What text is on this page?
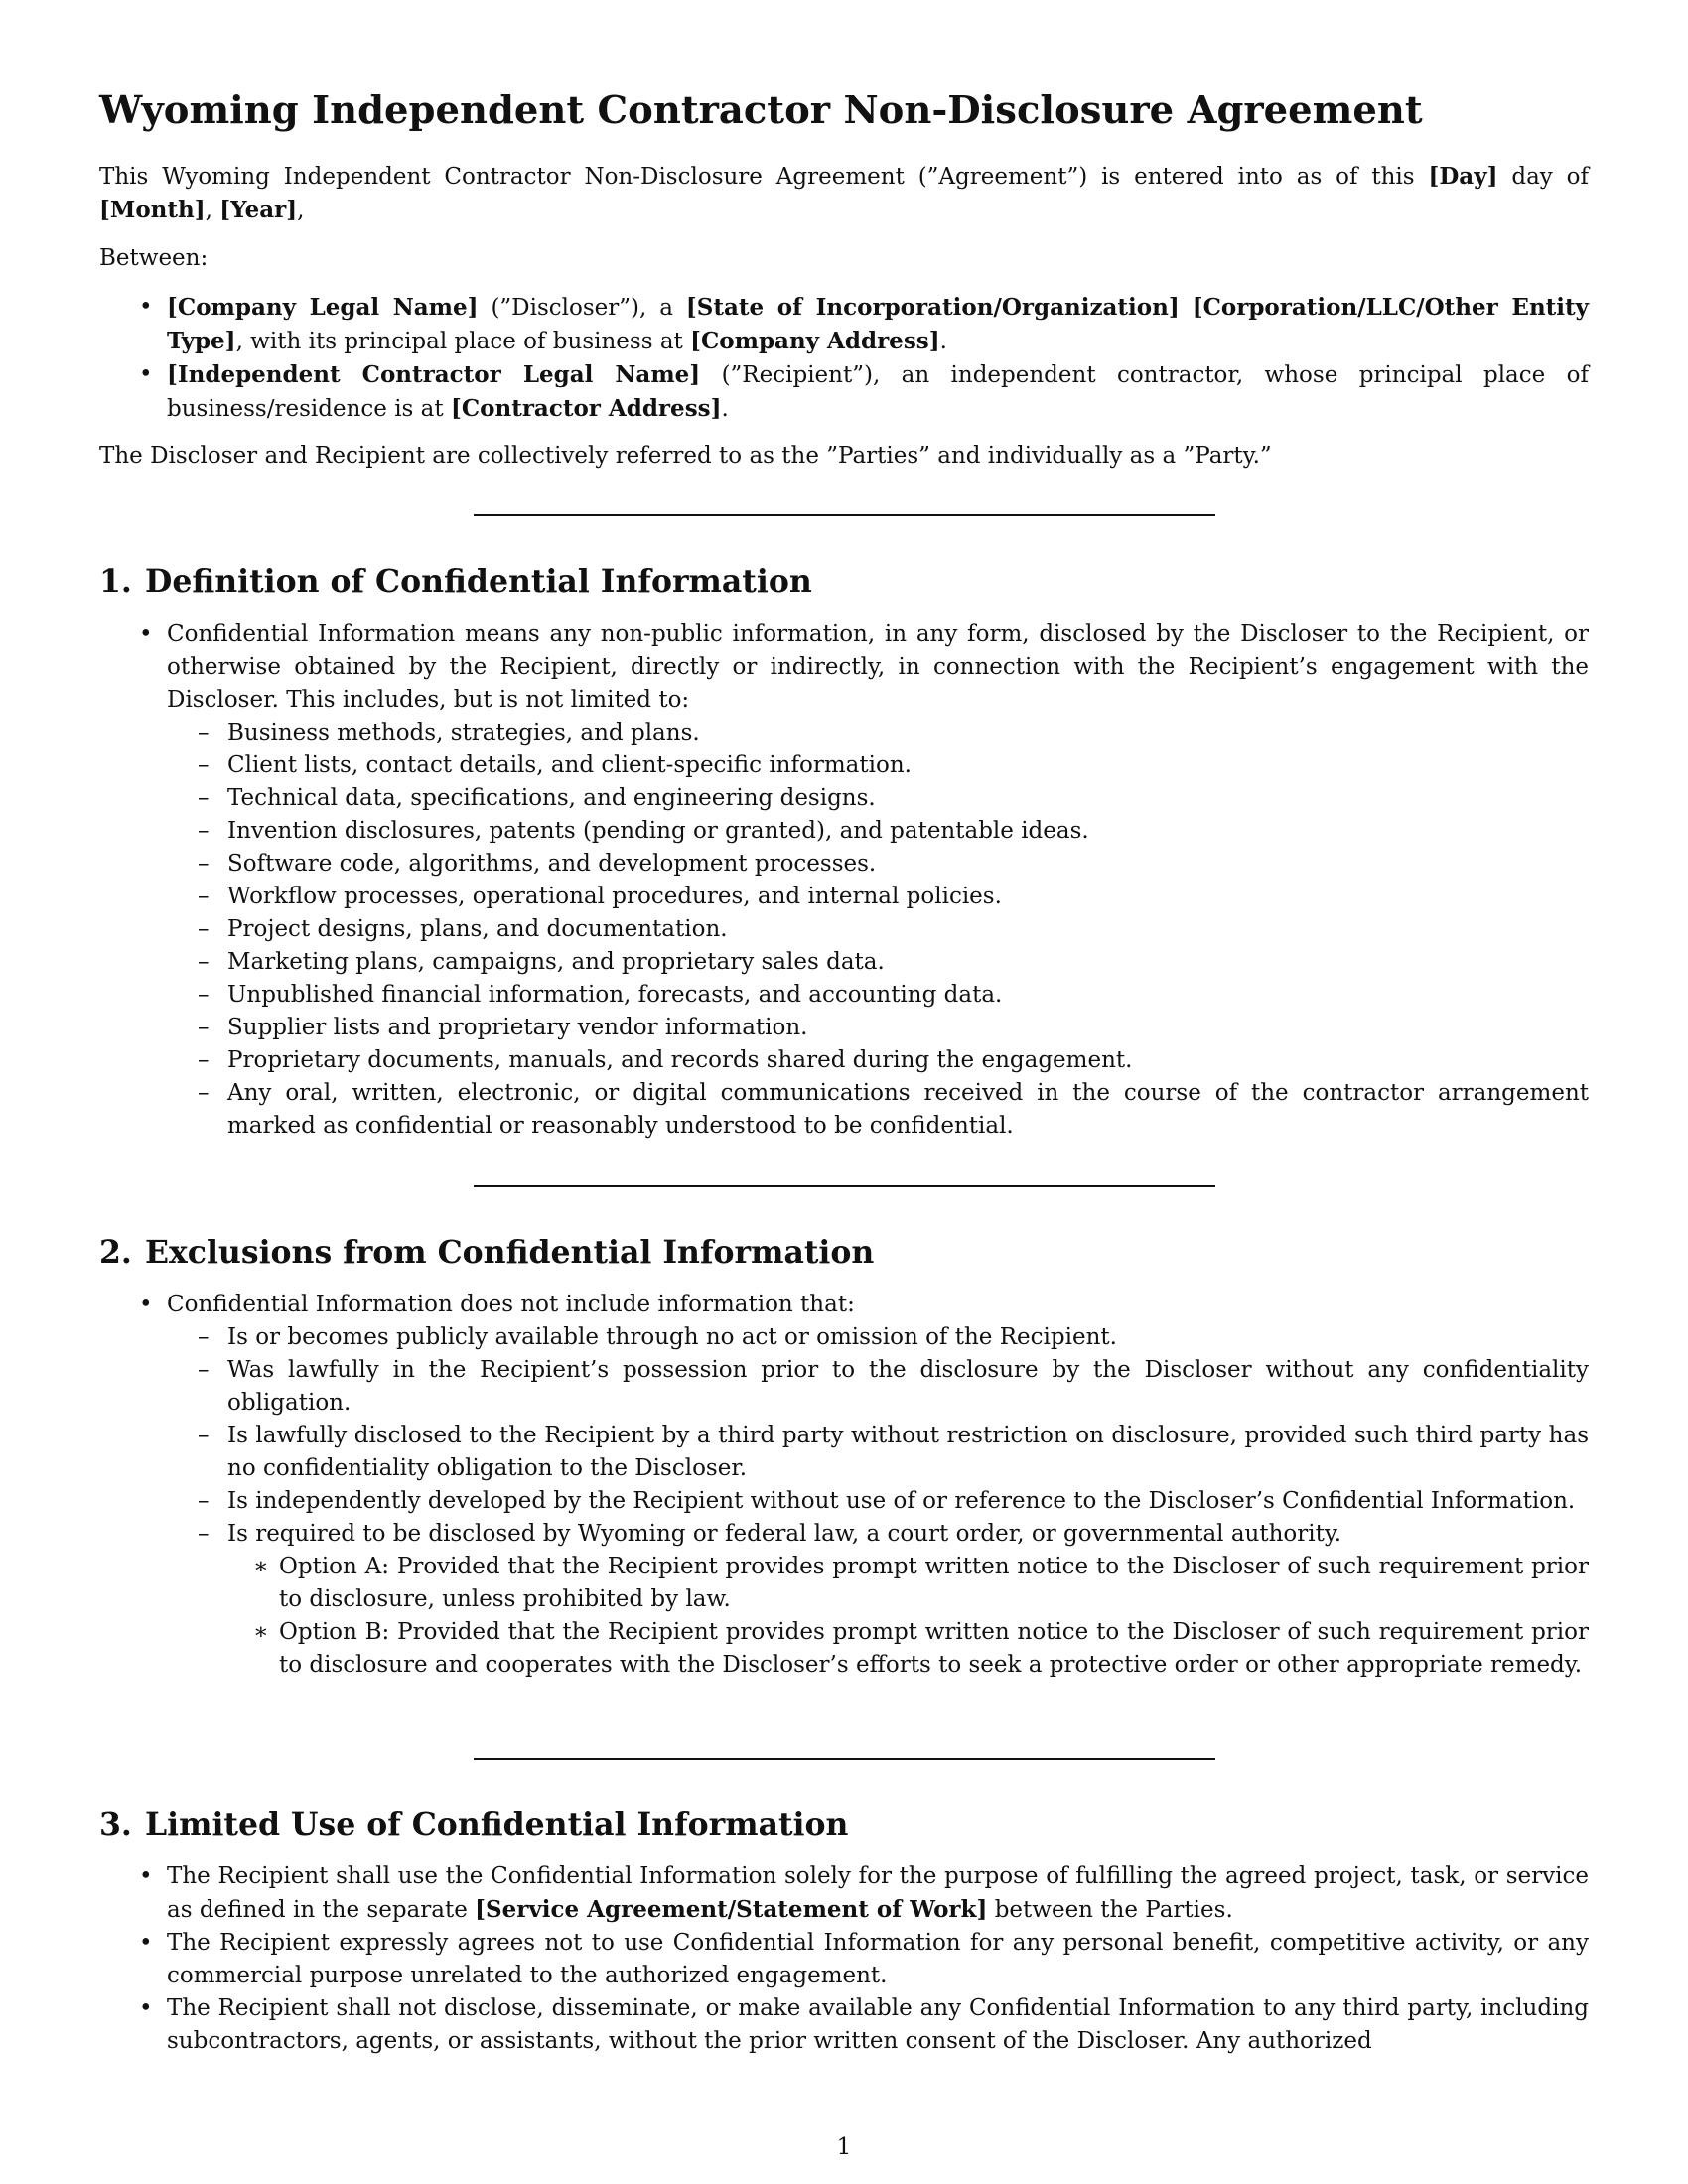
Wyoming Independent Contractor Non-Disclosure Agreement
This Wyoming Independent Contractor Non-Disclosure Agreement (”Agreement”) is entered into as of this [Day] day of [Month], [Year],
Between:
• [Company Legal Name] (”Discloser”), a [State of Incorporation/Organization] [Corporation/LLC/Other Entity Type], with its principal place of business at [Company Address].
• [Independent Contractor Legal Name] (”Recipient”), an independent contractor, whose principal place of business/residence is at [Contractor Address].
The Discloser and Recipient are collectively referred to as the ”Parties” and individually as a ”Party.”
1. Definition of Confidential Information
• Confidential Information means any non-public information, in any form, disclosed by the Discloser to the Recipient, or otherwise obtained by the Recipient, directly or indirectly, in connection with the Recipient’s engagement with the Discloser. This includes, but is not limited to:
– Business methods, strategies, and plans.
– Client lists, contact details, and client-specific information.
– Technical data, specifications, and engineering designs.
– Invention disclosures, patents (pending or granted), and patentable ideas.
– Software code, algorithms, and development processes.
– Workflow processes, operational procedures, and internal policies.
– Project designs, plans, and documentation.
– Marketing plans, campaigns, and proprietary sales data.
– Unpublished financial information, forecasts, and accounting data.
– Supplier lists and proprietary vendor information.
– Proprietary documents, manuals, and records shared during the engagement.
– Any oral, written, electronic, or digital communications received in the course of the contractor arrangement marked as confidential or reasonably understood to be confidential.
2. Exclusions from Confidential Information
• Confidential Information does not include information that:
– Is or becomes publicly available through no act or omission of the Recipient.
– Was lawfully in the Recipient’s possession prior to the disclosure by the Discloser without any confidentiality obligation.
– Is lawfully disclosed to the Recipient by a third party without restriction on disclosure, provided such third party has no confidentiality obligation to the Discloser.
– Is independently developed by the Recipient without use of or reference to the Discloser’s Confidential Information.
– Is required to be disclosed by Wyoming or federal law, a court order, or governmental authority.
∗ Option A: Provided that the Recipient provides prompt written notice to the Discloser of such requirement prior to disclosure, unless prohibited by law.
∗ Option B: Provided that the Recipient provides prompt written notice to the Discloser of such requirement prior to disclosure and cooperates with the Discloser’s efforts to seek a protective order or other appropriate remedy.
3. Limited Use of Confidential Information
• The Recipient shall use the Confidential Information solely for the purpose of fulfilling the agreed project, task, or service as defined in the separate [Service Agreement/Statement of Work] between the Parties.
• The Recipient expressly agrees not to use Confidential Information for any personal benefit, competitive activity, or any commercial purpose unrelated to the authorized engagement.
• The Recipient shall not disclose, disseminate, or make available any Confidential Information to any third party, including subcontractors, agents, or assistants, without the prior written consent of the Discloser. Any authorized
1
